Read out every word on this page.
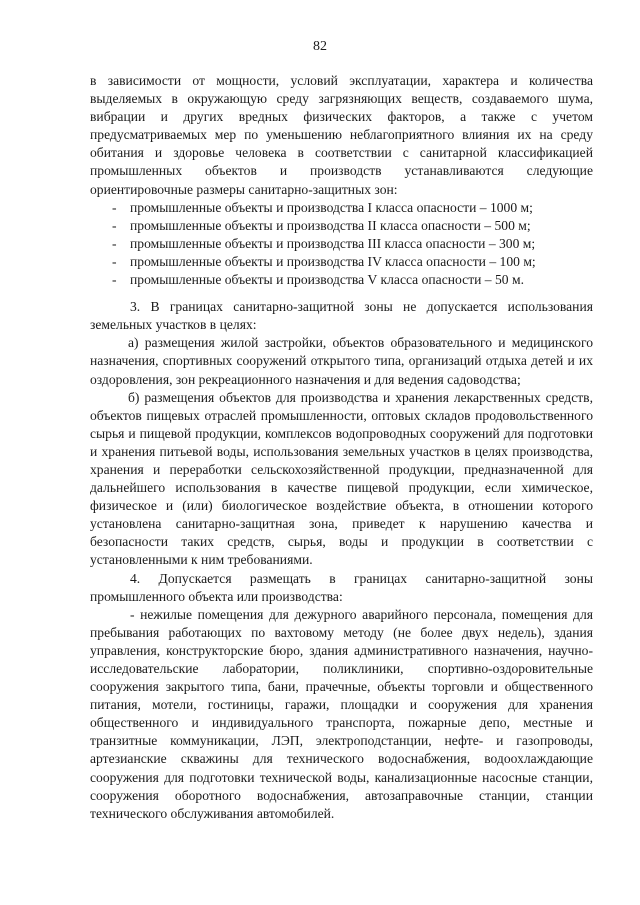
82

в зависимости от мощности, условий эксплуатации, характера и количества выделяемых в окружающую среду загрязняющих веществ, создаваемого шума, вибрации и других вредных физических факторов, а также с учетом предусматриваемых мер по уменьшению неблагоприятного влияния их на среду обитания и здоровье человека в соответствии с санитарной классификацией промышленных объектов и производств устанавливаются следующие ориентировочные размеры санитарно-защитных зон:

- промышленные объекты и производства I класса опасности – 1000 м;
- промышленные объекты и производства II класса опасности – 500 м;
- промышленные объекты и производства III класса опасности – 300 м;
- промышленные объекты и производства IV класса опасности – 100 м;
- промышленные объекты и производства V класса опасности – 50 м.

3. В границах санитарно-защитной зоны не допускается использования земельных участков в целях:

а) размещения жилой застройки, объектов образовательного и медицинского назначения, спортивных сооружений открытого типа, организаций отдыха детей и их оздоровления, зон рекреационного назначения и для ведения садоводства;

б) размещения объектов для производства и хранения лекарственных средств, объектов пищевых отраслей промышленности, оптовых складов продовольственного сырья и пищевой продукции, комплексов водопроводных сооружений для подготовки и хранения питьевой воды, использования земельных участков в целях производства, хранения и переработки сельскохозяйственной продукции, предназначенной для дальнейшего использования в качестве пищевой продукции, если химическое, физическое и (или) биологическое воздействие объекта, в отношении которого установлена санитарно-защитная зона, приведет к нарушению качества и безопасности таких средств, сырья, воды и продукции в соответствии с установленными к ним требованиями.

4. Допускается размещать в границах санитарно-защитной зоны промышленного объекта или производства:

- нежилые помещения для дежурного аварийного персонала, помещения для пребывания работающих по вахтовому методу (не более двух недель), здания управления, конструкторские бюро, здания административного назначения, научно-исследовательские лаборатории, поликлиники, спортивно-оздоровительные сооружения закрытого типа, бани, прачечные, объекты торговли и общественного питания, мотели, гостиницы, гаражи, площадки и сооружения для хранения общественного и индивидуального транспорта, пожарные депо, местные и транзитные коммуникации, ЛЭП, электроподстанции, нефте- и газопроводы, артезианские скважины для технического водоснабжения, водоохлаждающие сооружения для подготовки технической воды, канализационные насосные станции, сооружения оборотного водоснабжения, автозаправочные станции, станции технического обслуживания автомобилей.
